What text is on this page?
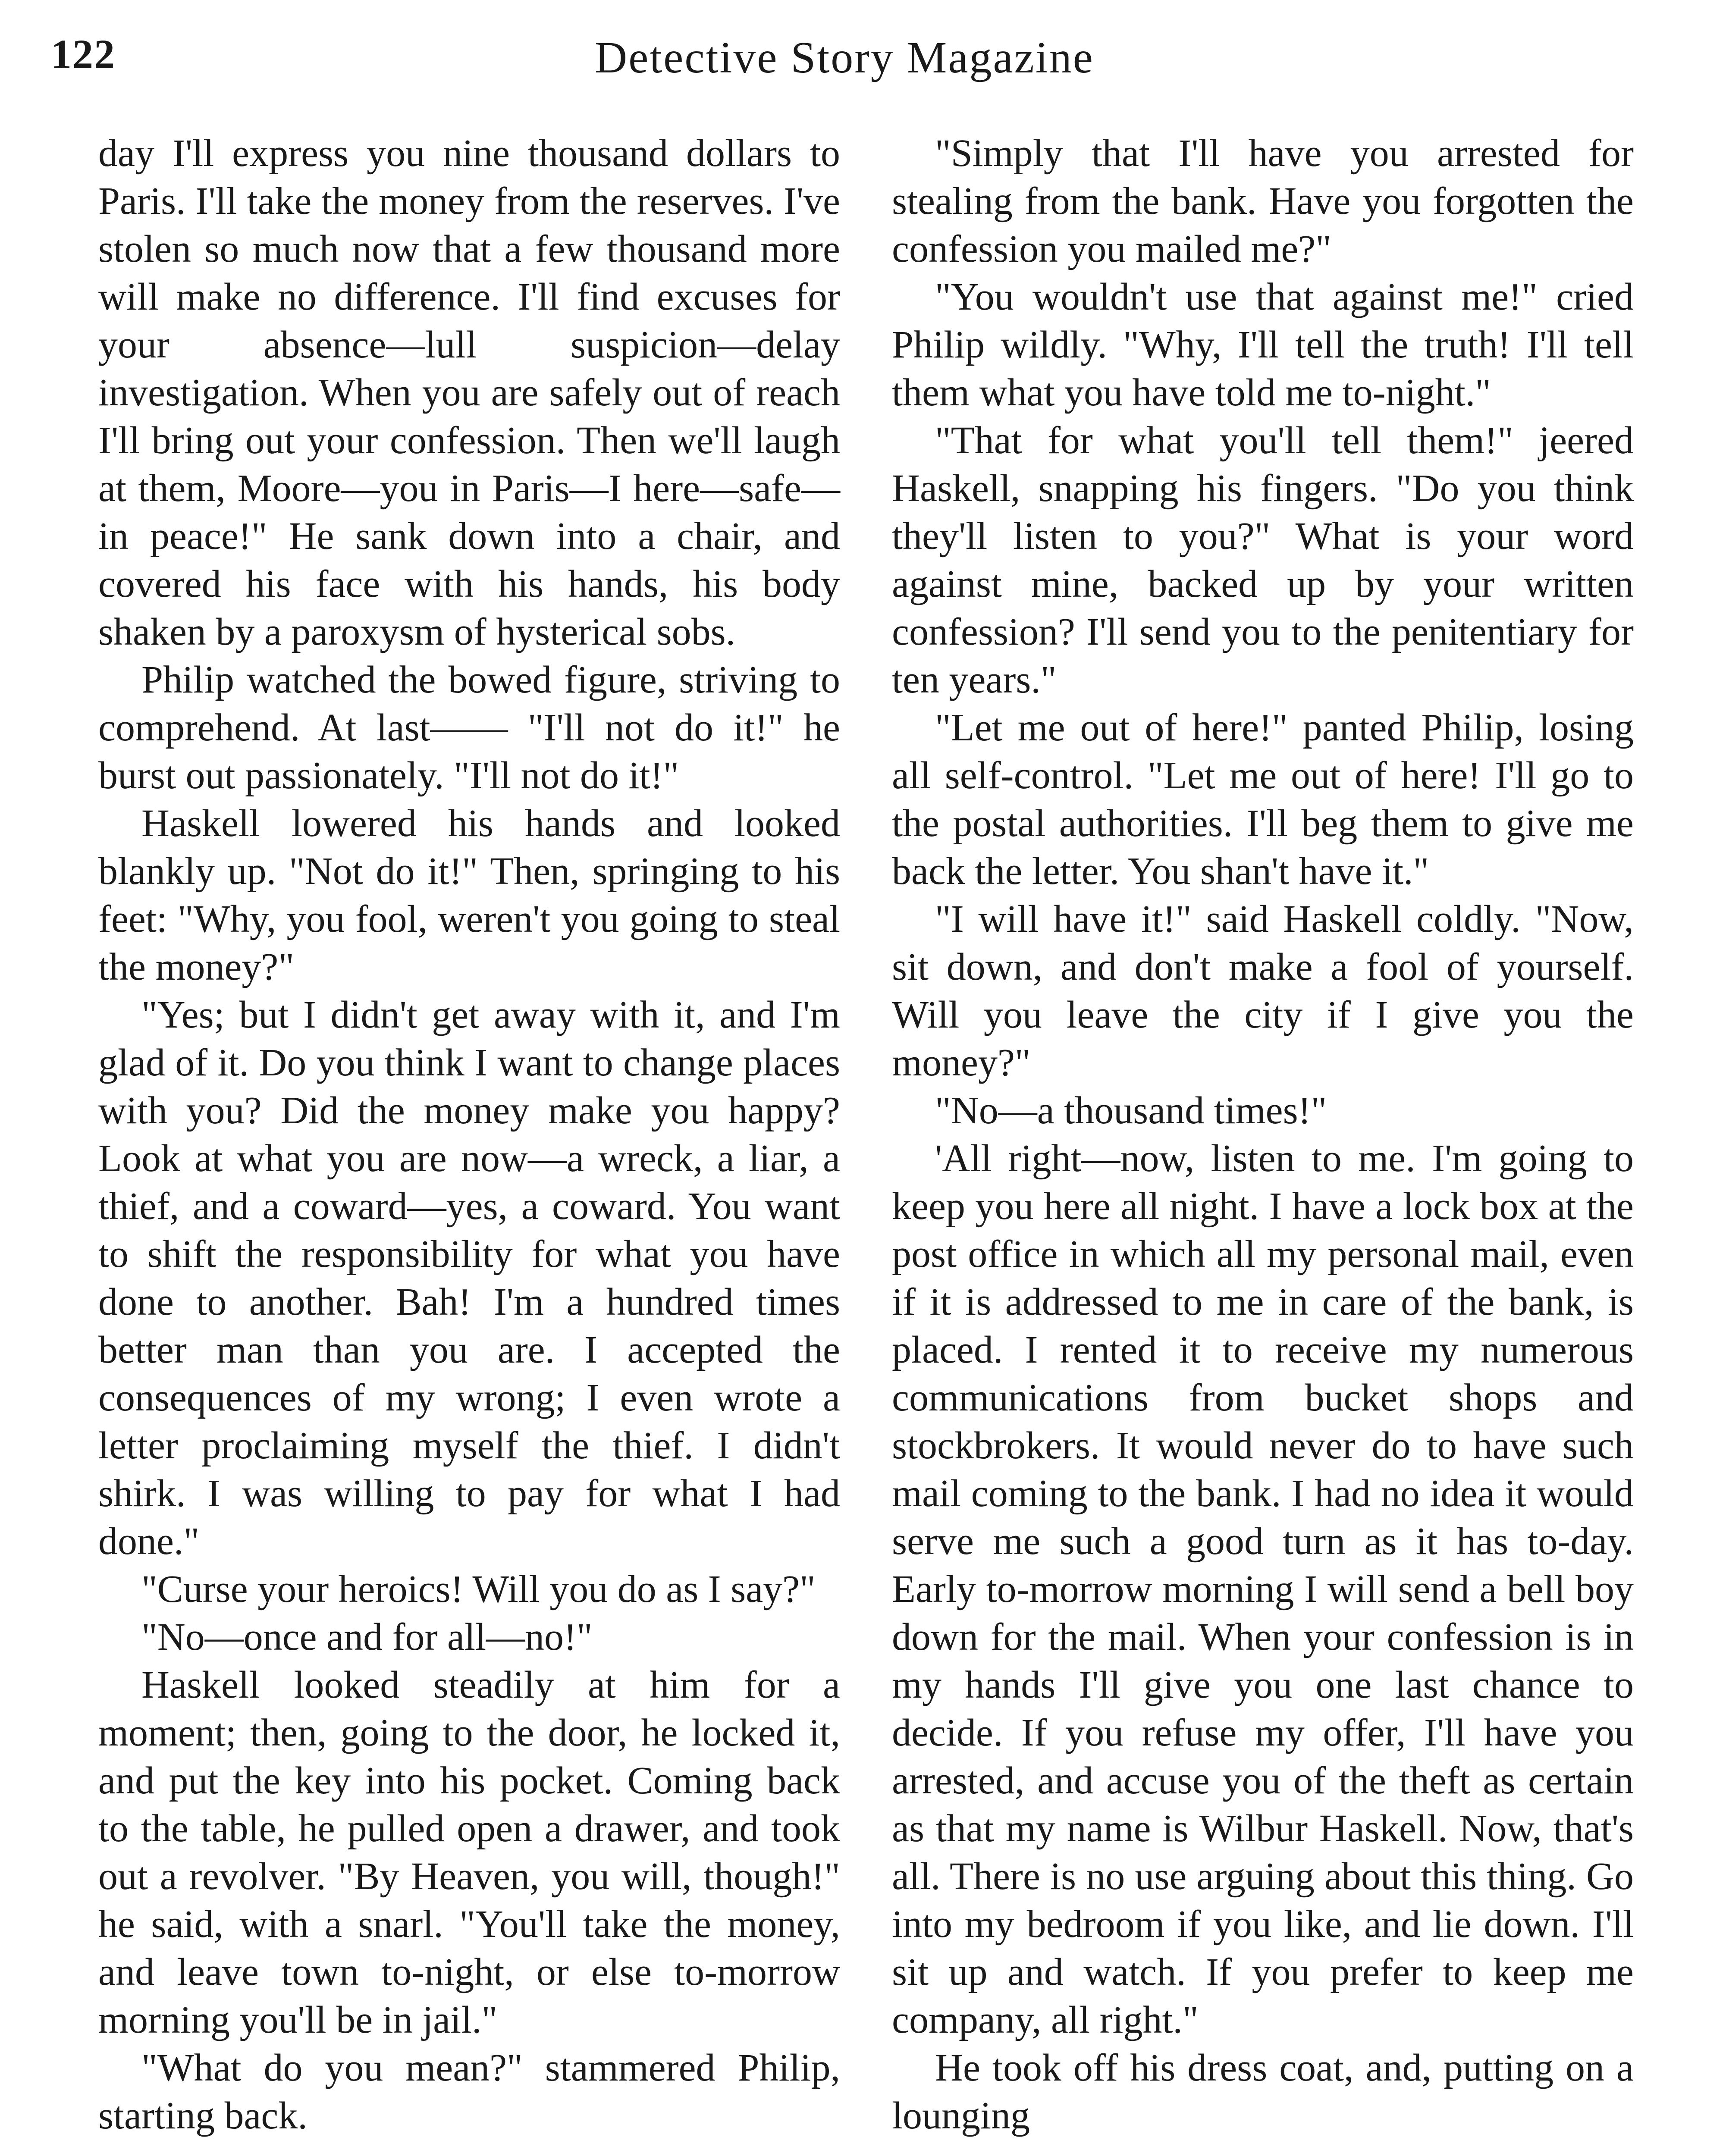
122	Detective Story Magazine

day I'll express you nine thousand dollars to Paris. I'll take the money from the reserves. I've stolen so much now that a few thousand more will make no difference. I'll find excuses for your absence—lull suspicion—delay investigation. When you are safely out of reach I'll bring out your confession. Then we'll laugh at them, Moore—you in Paris—I here—safe—in peace!" He sank down into a chair, and covered his face with his hands, his body shaken by a paroxysm of hysterical sobs.

Philip watched the bowed figure, striving to comprehend. At last—— "I'll not do it!" he burst out passionately. "I'll not do it!"

Haskell lowered his hands and looked blankly up. "Not do it!" Then, springing to his feet: "Why, you fool, weren't you going to steal the money?"

"Yes; but I didn't get away with it, and I'm glad of it. Do you think I want to change places with you? Did the money make you happy? Look at what you are now—a wreck, a liar, a thief, and a coward—yes, a coward. You want to shift the responsibility for what you have done to another. Bah! I'm a hundred times better man than you are. I accepted the consequences of my wrong; I even wrote a letter proclaiming myself the thief. I didn't shirk. I was willing to pay for what I had done."

"Curse your heroics! Will you do as I say?"

"No—once and for all—no!"

Haskell looked steadily at him for a moment; then, going to the door, he locked it, and put the key into his pocket. Coming back to the table, he pulled open a drawer, and took out a revolver. "By Heaven, you will, though!" he said, with a snarl. "You'll take the money, and leave town to-night, or else to-morrow morning you'll be in jail."

"What do you mean?" stammered Philip, starting back.

"Simply that I'll have you arrested for stealing from the bank. Have you forgotten the confession you mailed me?"

"You wouldn't use that against me!" cried Philip wildly. "Why, I'll tell the truth! I'll tell them what you have told me to-night."

"That for what you'll tell them!" jeered Haskell, snapping his fingers. "Do you think they'll listen to you?" What is your word against mine, backed up by your written confession? I'll send you to the penitentiary for ten years."

"Let me out of here!" panted Philip, losing all self-control. "Let me out of here! I'll go to the postal authorities. I'll beg them to give me back the letter. You shan't have it."

"I will have it!" said Haskell coldly. "Now, sit down, and don't make a fool of yourself. Will you leave the city if I give you the money?"

"No—a thousand times!"

'All right—now, listen to me. I'm going to keep you here all night. I have a lock box at the post office in which all my personal mail, even if it is addressed to me in care of the bank, is placed. I rented it to receive my numerous communications from bucket shops and stockbrokers. It would never do to have such mail coming to the bank. I had no idea it would serve me such a good turn as it has to-day. Early to-morrow morning I will send a bell boy down for the mail. When your confession is in my hands I'll give you one last chance to decide. If you refuse my offer, I'll have you arrested, and accuse you of the theft as certain as that my name is Wilbur Haskell. Now, that's all. There is no use arguing about this thing. Go into my bedroom if you like, and lie down. I'll sit up and watch. If you prefer to keep me company, all right."

He took off his dress coat, and, putting on a lounging
